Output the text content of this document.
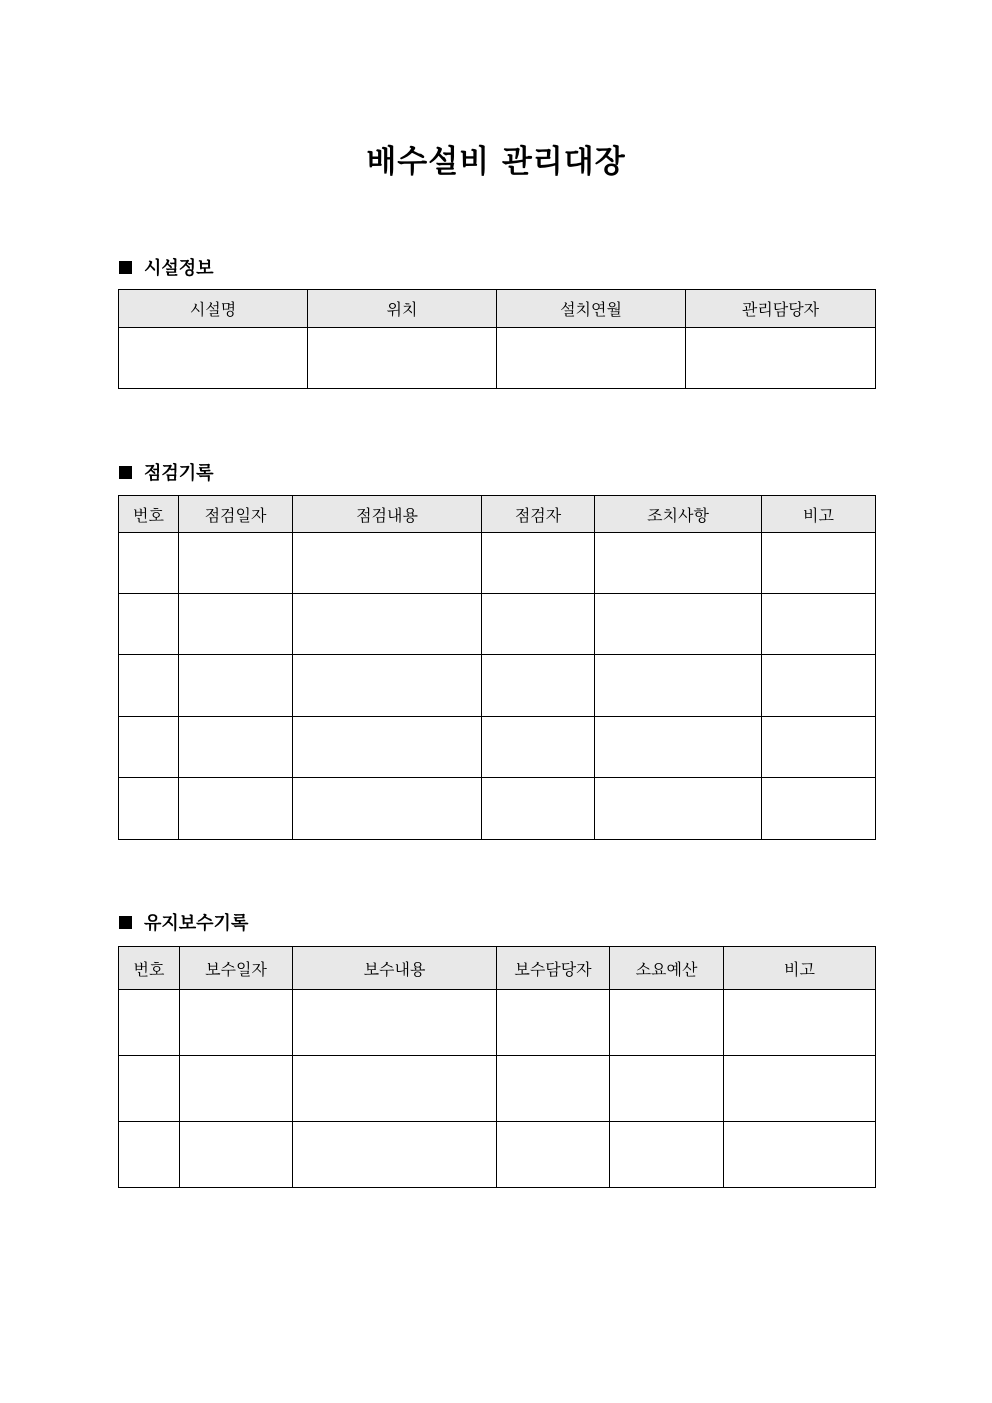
배수설비 관리대장
시설정보
시설명	위치	설치연월	관리담당자

점검기록
번호	점검일자	점검내용	점검자	조치사항	비고

유지보수기록
번호	보수일자	보수내용	보수담당자	소요예산	비고
